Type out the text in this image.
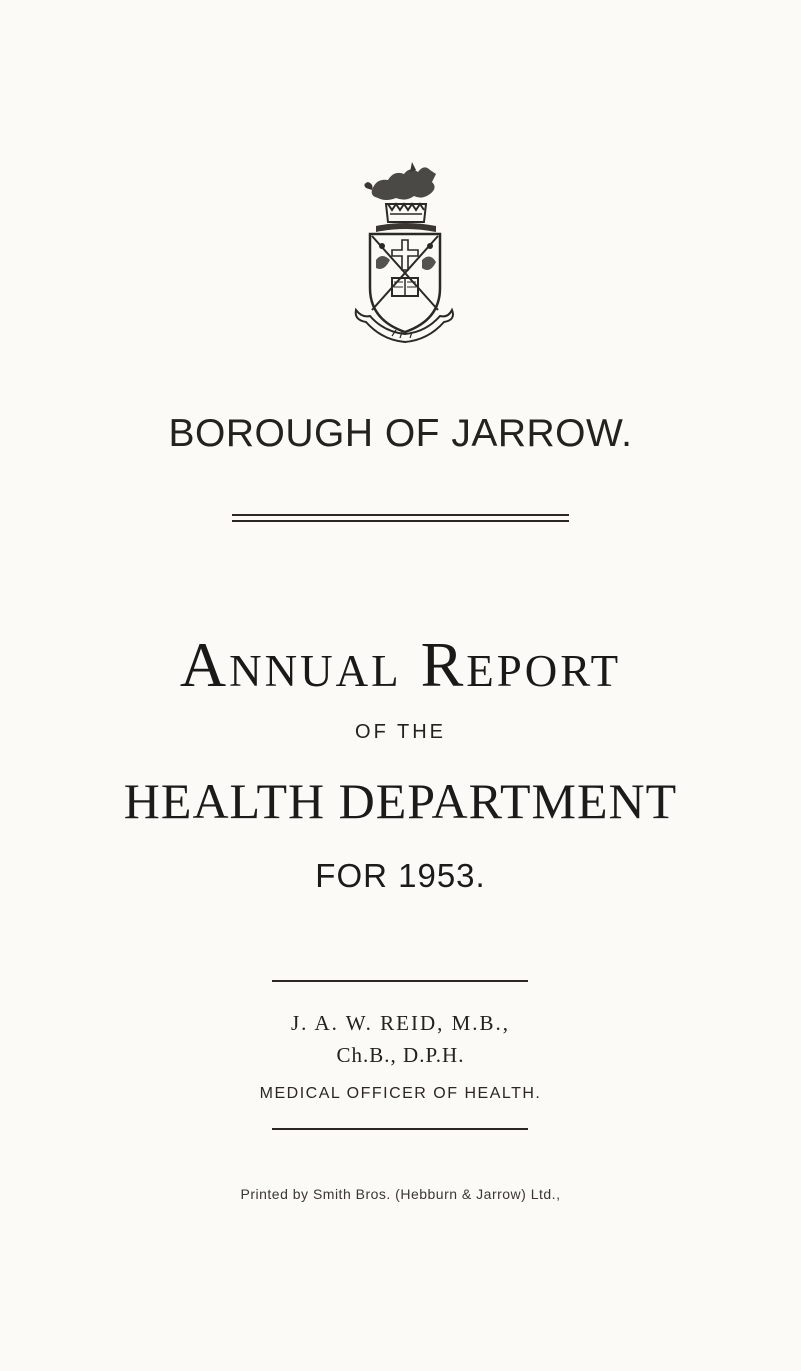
BOROUGH OF JARROW.
Annual Report
OF THE
HEALTH DEPARTMENT
FOR 1953.
J. A. W. REID, M.B.,
Ch.B., D.P.H.
MEDICAL OFFICER OF HEALTH.
Printed by Smith Bros. (Hebburn & Jarrow) Ltd.,
